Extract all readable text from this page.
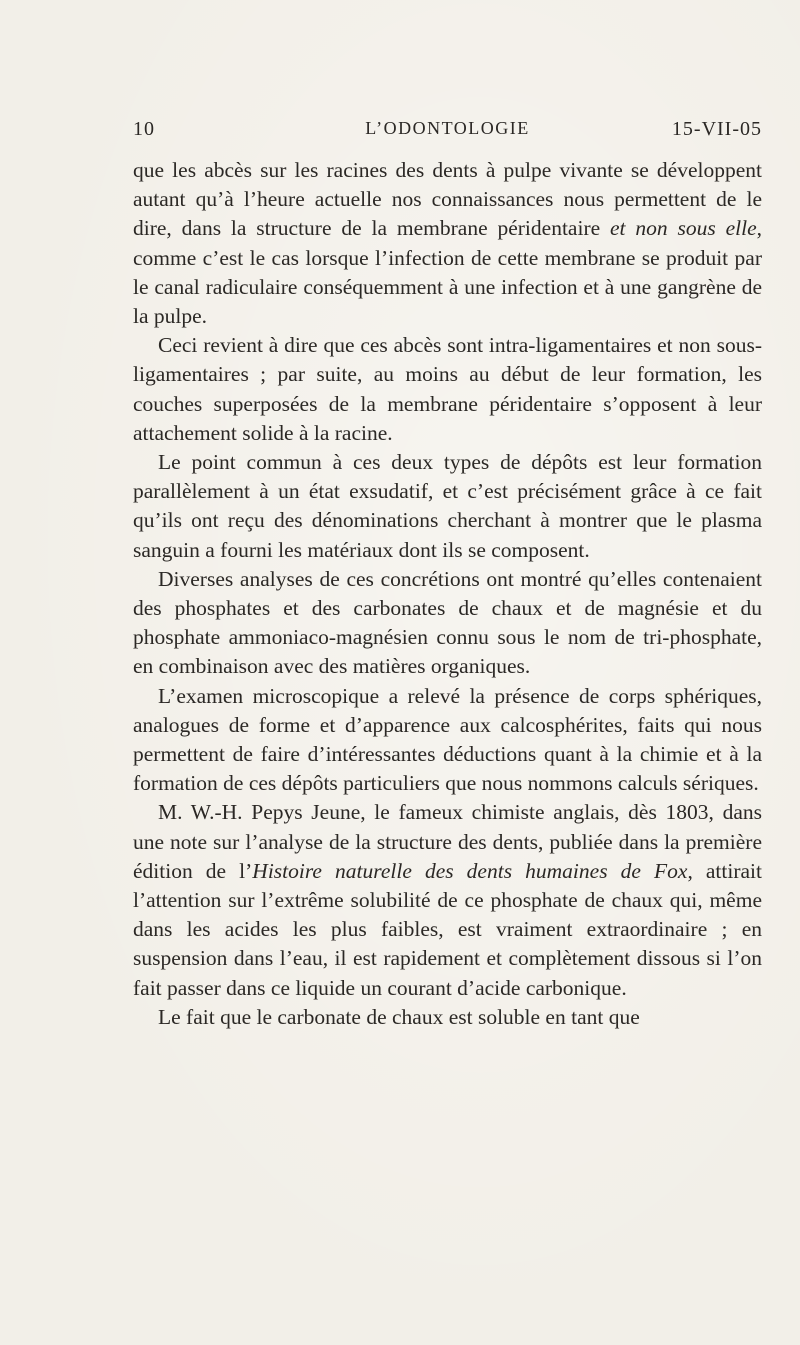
10	L’ODONTOLOGIE	15-VII-05

que les abcès sur les racines des dents à pulpe vivante se développent autant qu’à l’heure actuelle nos connaissances nous permettent de le dire, dans la structure de la membrane péridentaire et non sous elle, comme c’est le cas lorsque l’infection de cette membrane se produit par le canal radiculaire conséquemment à une infection et à une gangrène de la pulpe.

Ceci revient à dire que ces abcès sont intra-ligamentaires et non sous-ligamentaires ; par suite, au moins au début de leur formation, les couches superposées de la membrane péridentaire s’opposent à leur attachement solide à la racine.

Le point commun à ces deux types de dépôts est leur formation parallèlement à un état exsudatif, et c’est précisément grâce à ce fait qu’ils ont reçu des dénominations cherchant à montrer que le plasma sanguin a fourni les matériaux dont ils se composent.

Diverses analyses de ces concrétions ont montré qu’elles contenaient des phosphates et des carbonates de chaux et de magnésie et du phosphate ammoniaco-magnésien connu sous le nom de tri-phosphate, en combinaison avec des matières organiques.

L’examen microscopique a relevé la présence de corps sphériques, analogues de forme et d’apparence aux calcosphérites, faits qui nous permettent de faire d’intéressantes déductions quant à la chimie et à la formation de ces dépôts particuliers que nous nommons calculs sériques.

M. W.-H. Pepys Jeune, le fameux chimiste anglais, dès 1803, dans une note sur l’analyse de la structure des dents, publiée dans la première édition de l’Histoire naturelle des dents humaines de Fox, attirait l’attention sur l’extrême solubilité de ce phosphate de chaux qui, même dans les acides les plus faibles, est vraiment extraordinaire ; en suspension dans l’eau, il est rapidement et complètement dissous si l’on fait passer dans ce liquide un courant d’acide carbonique.

Le fait que le carbonate de chaux est soluble en tant que
